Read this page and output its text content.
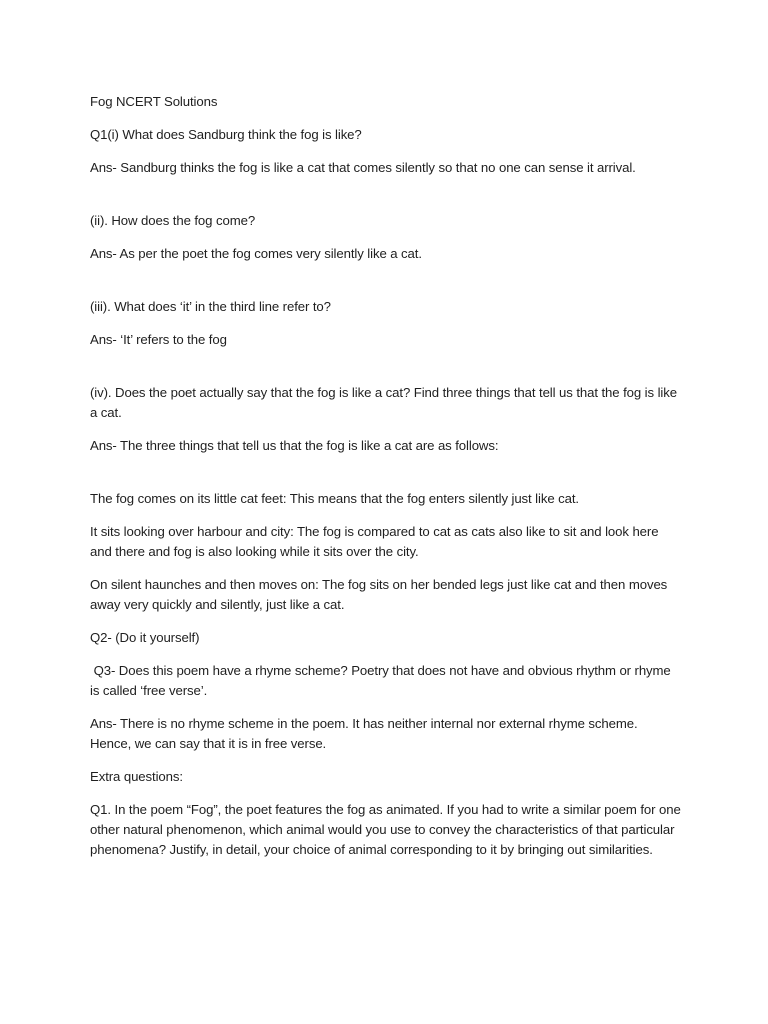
Fog NCERT Solutions

Q1(i) What does Sandburg think the fog is like?

Ans- Sandburg thinks the fog is like a cat that comes silently so that no one can sense it arrival.

(ii). How does the fog come?

Ans- As per the poet the fog comes very silently like a cat.

(iii). What does ‘it’ in the third line refer to?

Ans- ‘It’ refers to the fog

(iv). Does the poet actually say that the fog is like a cat? Find three things that tell us that the fog is like a cat.

Ans- The three things that tell us that the fog is like a cat are as follows:

The fog comes on its little cat feet: This means that the fog enters silently just like cat.

It sits looking over harbour and city: The fog is compared to cat as cats also like to sit and look here and there and fog is also looking while it sits over the city.

On silent haunches and then moves on: The fog sits on her bended legs just like cat and then moves away very quickly and silently, just like a cat.

Q2- (Do it yourself)

Q3- Does this poem have a rhyme scheme? Poetry that does not have and obvious rhythm or rhyme is called ‘free verse’.

Ans- There is no rhyme scheme in the poem. It has neither internal nor external rhyme scheme. Hence, we can say that it is in free verse.

Extra questions:

Q1. In the poem “Fog”, the poet features the fog as animated. If you had to write a similar poem for one other natural phenomenon, which animal would you use to convey the characteristics of that particular phenomena? Justify, in detail, your choice of animal corresponding to it by bringing out similarities.
